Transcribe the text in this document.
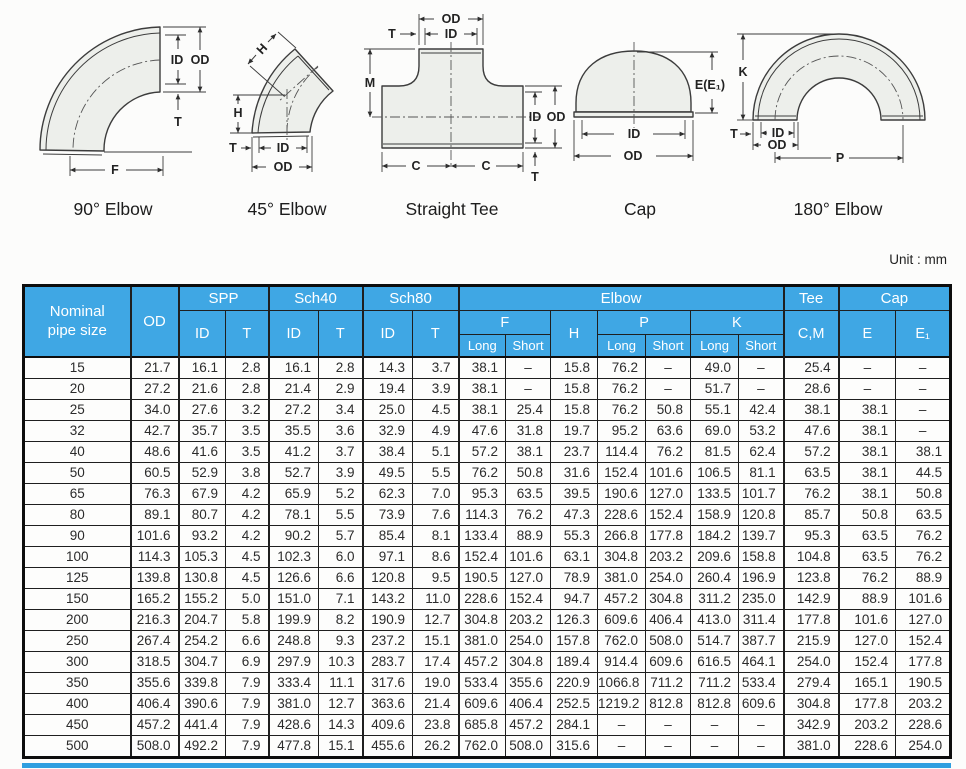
F
OD
ID
T
90° Elbow
H
H
T	ID
OD
45° Elbow
OD
T	ID
M
ID OD
C	C
T
Straight Tee
E(E₁)
ID
OD
Cap
K
T	ID
OD
P
180° Elbow
Unit : mm
Nominal
pipe size	OD	SPP		Sch40		Sch80		Elbow							Tee	Cap	
		ID	T	ID	T	ID	T	F		H	P		K		C,M	E	E₁
								Long	Short		Long	Short	Long	Short			
15	21.7	16.1	2.8	16.1	2.8	14.3	3.7	38.1	–	15.8	76.2	–	49.0	–	25.4	–	–
20	27.2	21.6	2.8	21.4	2.9	19.4	3.9	38.1	–	15.8	76.2	–	51.7	–	28.6	–	–
25	34.0	27.6	3.2	27.2	3.4	25.0	4.5	38.1	25.4	15.8	76.2	50.8	55.1	42.4	38.1	38.1	–
32	42.7	35.7	3.5	35.5	3.6	32.9	4.9	47.6	31.8	19.7	95.2	63.6	69.0	53.2	47.6	38.1	–
40	48.6	41.6	3.5	41.2	3.7	38.4	5.1	57.2	38.1	23.7	114.4	76.2	81.5	62.4	57.2	38.1	38.1
50	60.5	52.9	3.8	52.7	3.9	49.5	5.5	76.2	50.8	31.6	152.4	101.6	106.5	81.1	63.5	38.1	44.5
65	76.3	67.9	4.2	65.9	5.2	62.3	7.0	95.3	63.5	39.5	190.6	127.0	133.5	101.7	76.2	38.1	50.8
80	89.1	80.7	4.2	78.1	5.5	73.9	7.6	114.3	76.2	47.3	228.6	152.4	158.9	120.8	85.7	50.8	63.5
90	101.6	93.2	4.2	90.2	5.7	85.4	8.1	133.4	88.9	55.3	266.8	177.8	184.2	139.7	95.3	63.5	76.2
100	114.3	105.3	4.5	102.3	6.0	97.1	8.6	152.4	101.6	63.1	304.8	203.2	209.6	158.8	104.8	63.5	76.2
125	139.8	130.8	4.5	126.6	6.6	120.8	9.5	190.5	127.0	78.9	381.0	254.0	260.4	196.9	123.8	76.2	88.9
150	165.2	155.2	5.0	151.0	7.1	143.2	11.0	228.6	152.4	94.7	457.2	304.8	311.2	235.0	142.9	88.9	101.6
200	216.3	204.7	5.8	199.9	8.2	190.9	12.7	304.8	203.2	126.3	609.6	406.4	413.0	311.4	177.8	101.6	127.0
250	267.4	254.2	6.6	248.8	9.3	237.2	15.1	381.0	254.0	157.8	762.0	508.0	514.7	387.7	215.9	127.0	152.4
300	318.5	304.7	6.9	297.9	10.3	283.7	17.4	457.2	304.8	189.4	914.4	609.6	616.5	464.1	254.0	152.4	177.8
350	355.6	339.8	7.9	333.4	11.1	317.6	19.0	533.4	355.6	220.9	1066.8	711.2	711.2	533.4	279.4	165.1	190.5
400	406.4	390.6	7.9	381.0	12.7	363.6	21.4	609.6	406.4	252.5	1219.2	812.8	812.8	609.6	304.8	177.8	203.2
450	457.2	441.4	7.9	428.6	14.3	409.6	23.8	685.8	457.2	284.1	–	–	–	–	342.9	203.2	228.6
500	508.0	492.2	7.9	477.8	15.1	455.6	26.2	762.0	508.0	315.6	–	–	–	–	381.0	228.6	254.0
